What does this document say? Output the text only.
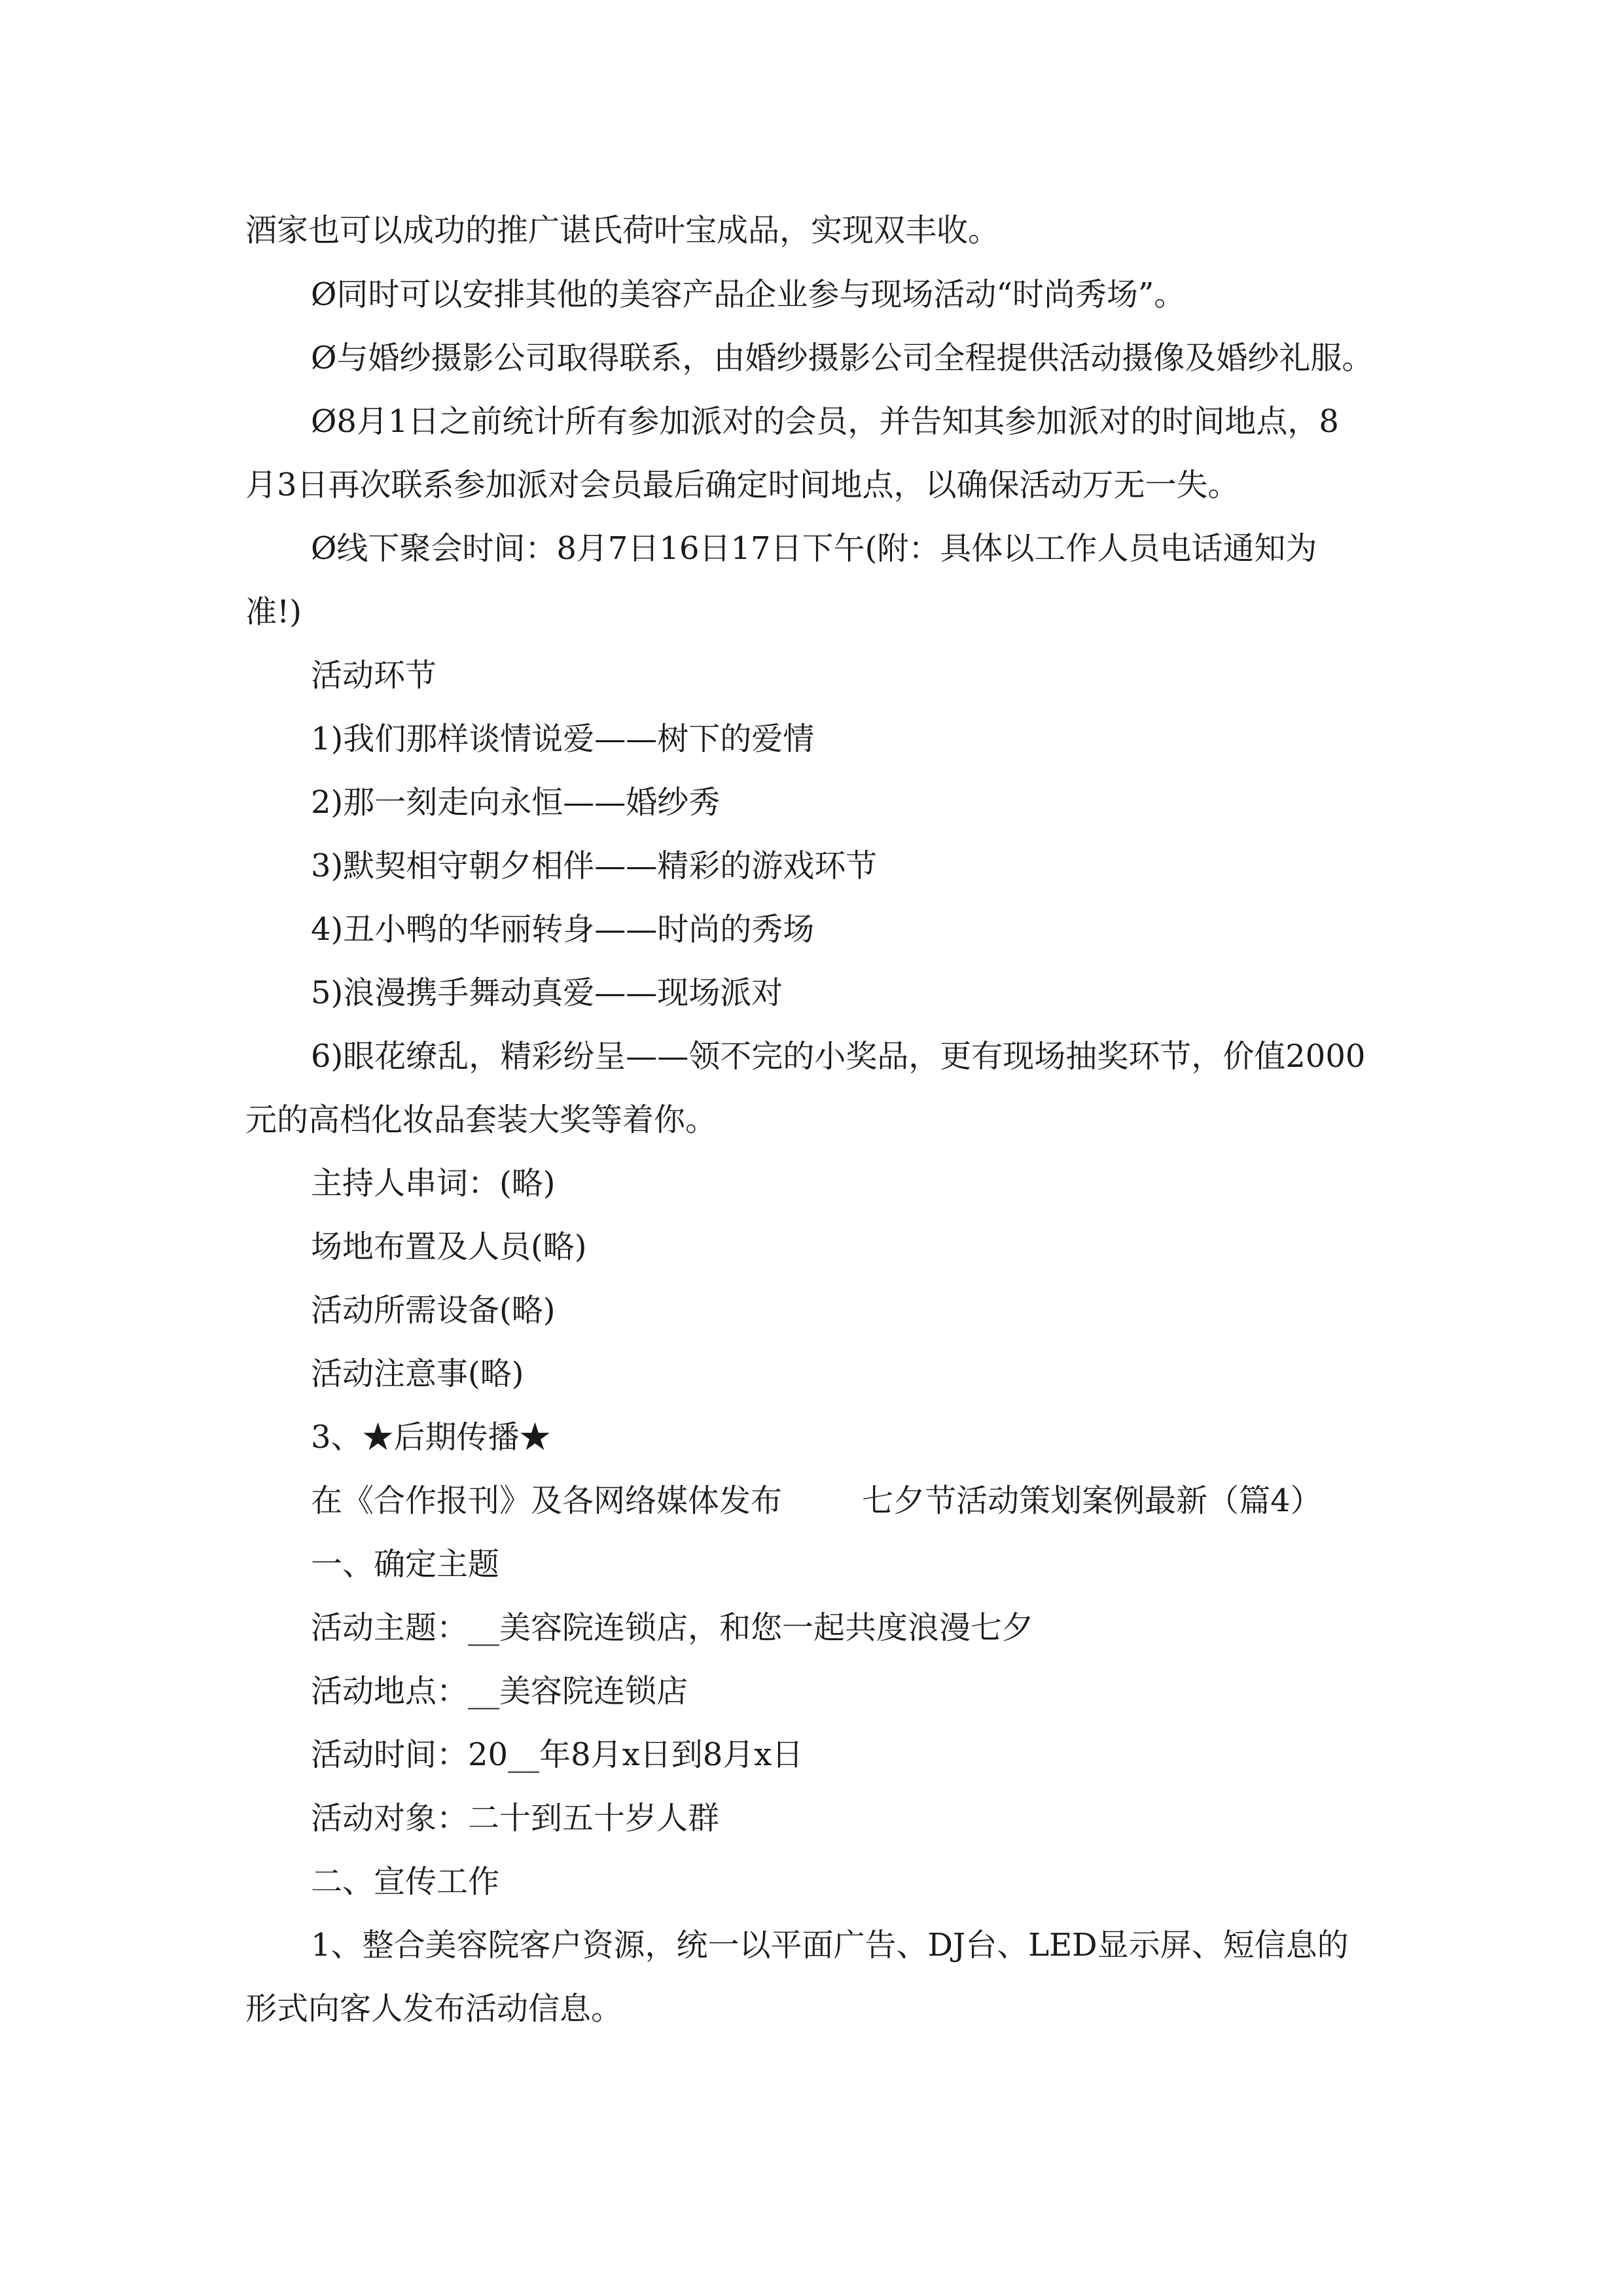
酒家也可以成功的推广谌氏荷叶宝成品，实现双丰收。
Ø同时可以安排其他的美容产品企业参与现场活动“时尚秀场”。
Ø与婚纱摄影公司取得联系，由婚纱摄影公司全程提供活动摄像及婚纱礼服。
Ø8月1日之前统计所有参加派对的会员，并告知其参加派对的时间地点，8
月3日再次联系参加派对会员最后确定时间地点，以确保活动万无一失。
Ø线下聚会时间：8月7日16日17日下午(附：具体以工作人员电话通知为
准!)
活动环节
1)我们那样谈情说爱——树下的爱情
2)那一刻走向永恒——婚纱秀
3)默契相守朝夕相伴——精彩的游戏环节
4)丑小鸭的华丽转身——时尚的秀场
5)浪漫携手舞动真爱——现场派对
6)眼花缭乱，精彩纷呈——领不完的小奖品，更有现场抽奖环节，价值2000
元的高档化妆品套装大奖等着你。
主持人串词：(略)
场地布置及人员(略)
活动所需设备(略)
活动注意事(略)
3、★后期传播★
在《合作报刊》及各网络媒体发布        七夕节活动策划案例最新（篇4）
一、确定主题
活动主题：__美容院连锁店，和您一起共度浪漫七夕
活动地点：__美容院连锁店
活动时间：20__年8月x日到8月x日
活动对象：二十到五十岁人群
二、宣传工作
1、整合美容院客户资源，统一以平面广告、DJ台、LED显示屏、短信息的
形式向客人发布活动信息。
